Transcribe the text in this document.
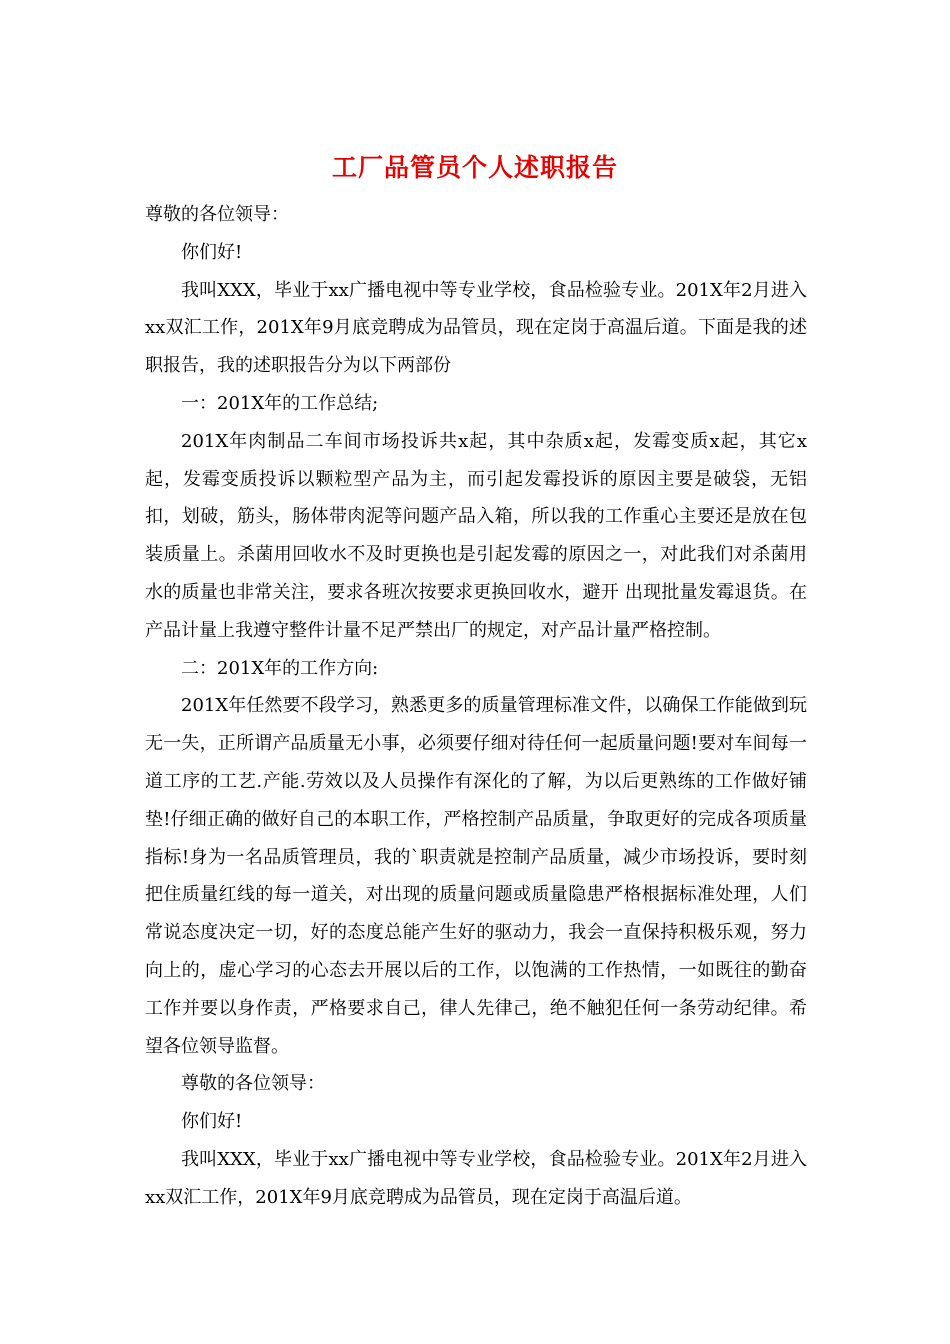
工厂品管员个人述职报告

尊敬的各位领导：

你们好!

我叫XXX，毕业于xx广播电视中等专业学校，食品检验专业。201X年2月进入 xx双汇工作，201X年9月底竞聘成为品管员，现在定岗于高温后道。下面是我的述职报告，我的述职报告分为以下两部份

一：201X年的工作总结;

201X年肉制品二车间市场投诉共x起，其中杂质x起，发霉变质x起，其它x起，发霉变质投诉以颗粒型产品为主，而引起发霉投诉的原因主要是破袋，无铝扣，划破，筋头，肠体带肉泥等问题产品入箱，所以我的工作重心主要还是放在包装质量上。杀菌用回收水不及时更换也是引起发霉的原因之一，对此我们对杀菌用水的质量也非常关注，要求各班次按要求更换回收水，避开 出现批量发霉退货。在产品计量上我遵守整件计量不足严禁出厂的规定，对产品计量严格控制。

二：201X年的工作方向:

201X年任然要不段学习，熟悉更多的质量管理标准文件，以确保工作能做到玩无一失，正所谓产品质量无小事，必须要仔细对待任何一起质量问题!要对车间每一道工序的工艺.产能.劳效以及人员操作有深化的了解，为以后更熟练的工作做好铺垫!仔细正确的做好自己的本职工作，严格控制产品质量，争取更好的完成各项质量指标!身为一名品质管理员，我的`职责就是控制产品质量，减少市场投诉，要时刻把住质量红线的每一道关，对出现的质量问题或质量隐患严格根据标准处理，人们常说态度决定一切，好的态度总能产生好的驱动力，我会一直保持积极乐观，努力向上的，虚心学习的心态去开展以后的工作，以饱满的工作热情，一如既往的勤奋工作并要以身作责，严格要求自己，律人先律己，绝不触犯任何一条劳动纪律。希望各位领导监督。

尊敬的各位领导：

你们好!

我叫XXX，毕业于xx广播电视中等专业学校，食品检验专业。201X年2月进入 xx双汇工作，201X年9月底竞聘成为品管员，现在定岗于高温后道。
